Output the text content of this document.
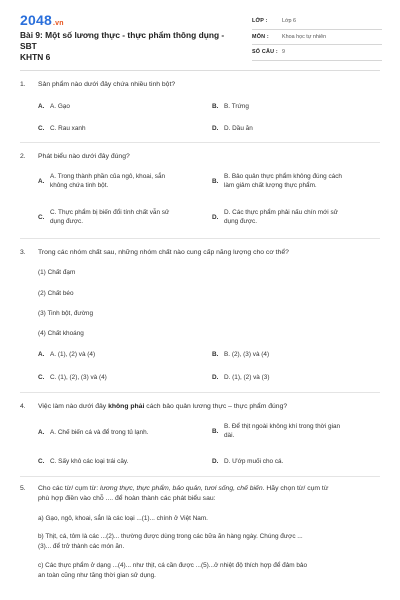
2048.vn
Bài 9: Một số lương thực - thực phẩm thông dụng - SBT
KHTN 6
LỚP :	Lớp 6
MÔN :	Khoa học tự nhiên
SỐ CÂU : 9
1.	Sản phẩm nào dưới đây chứa nhiều tinh bột?
A. A. Gạo	B. B. Trứng
C. C. Rau xanh	D. D. Dầu ăn
2.	Phát biểu nào dưới đây đúng?
A.
A. Trong thành phần của ngô, khoai, sắn
không chứa tinh bột.
B.
B. Bảo quản thực phẩm không đúng cách
làm giảm chất lượng thực phẩm.
C.
C. Thực phẩm bị biến đổi tính chất vẫn sử
dụng được.
D.
D. Các thực phẩm phải nấu chín mới sử
dụng được.
3.	Trong các nhóm chất sau, những nhóm chất nào cung cấp năng lượng cho cơ thể?
(1) Chất đạm
(2) Chất béo
(3) Tinh bột, đường
(4) Chất khoáng
A. A. (1), (2) và (4)	B. B. (2), (3) và (4)
C. C. (1), (2), (3) và (4)	D. D. (1), (2) và (3)
4.	Việc làm nào dưới đây không phải cách bảo quản lương thực – thực phẩm đúng?
A. A. Chế biến cá và để trong tủ lạnh.	B.
B. Để thịt ngoài không khí trong thời gian
dài.
C. C. Sấy khô các loại trái cây.	D. D. Ướp muối cho cá.
5.	Cho các từ/ cụm từ: lương thực, thực phẩm, bảo quản, tươi sống, chế biến. Hãy chọn từ/ cụm từ
phù hợp điền vào chỗ .... để hoàn thành các phát biểu sau:
a) Gạo, ngô, khoai, sắn là các loại ...(1)... chính ở Việt Nam.
b) Thịt, cá, tôm là các ...(2)... thường được dùng trong các bữa ăn hàng ngày. Chúng được ...
(3)... để trở thành các món ăn.
c) Các thực phẩm ở dạng ...(4)... như thịt, cá cần được ...(5)...ở nhiệt độ thích hợp để đảm bảo
an toàn cũng như tăng thời gian sử dụng.
